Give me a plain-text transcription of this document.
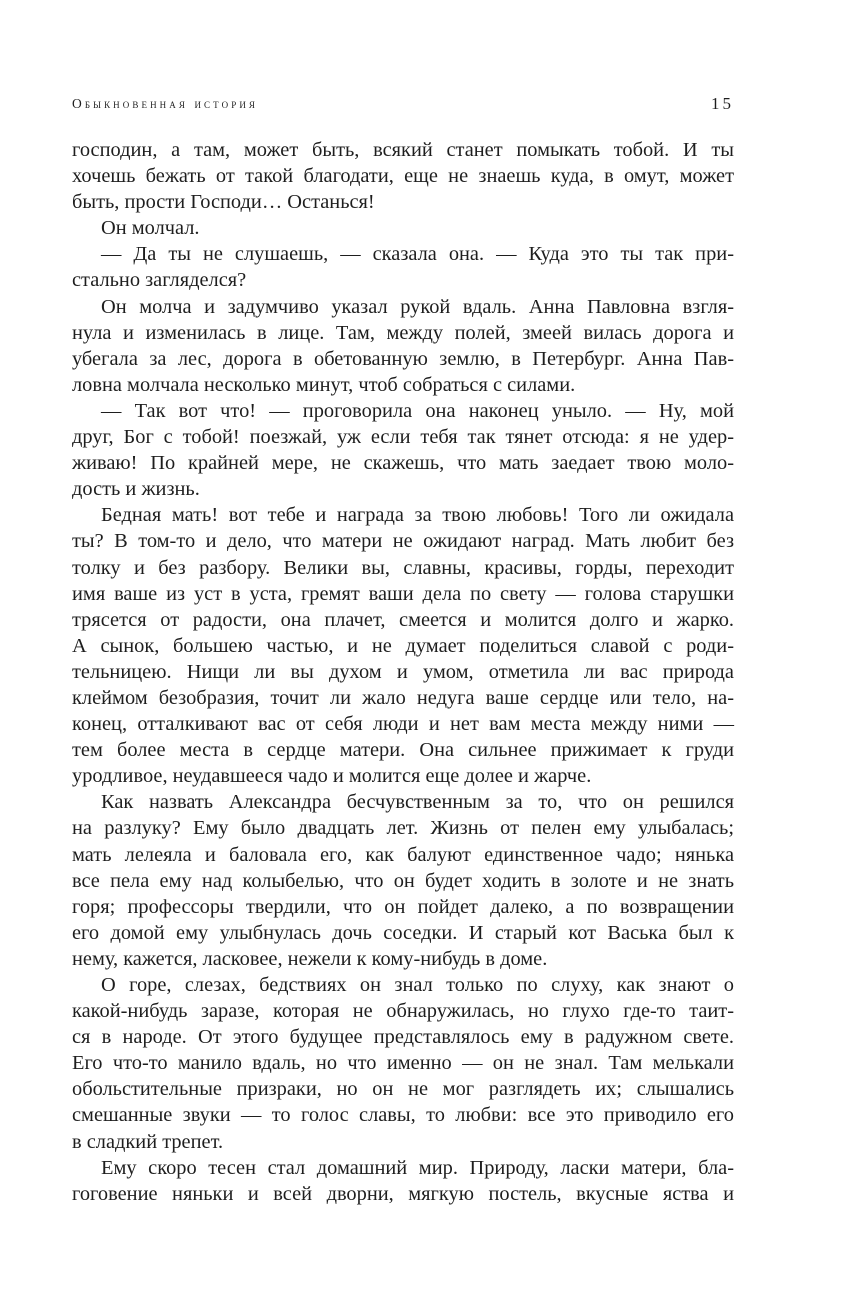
Обыкновенная история	15
господин, а там, может быть, всякий станет помыкать тобой. И ты
хочешь бежать от такой благодати, еще не знаешь куда, в омут, может
быть, прости Господи… Останься!
Он молчал.
— Да ты не слушаешь, — сказала она. — Куда это ты так при-
стально загляделся?
Он молча и задумчиво указал рукой вдаль. Анна Павловна взгля-
нула и изменилась в лице. Там, между полей, змеей вилась дорога и
убегала за лес, дорога в обетованную землю, в Петербург. Анна Пав-
ловна молчала несколько минут, чтоб собраться с силами.
— Так вот что! — проговорила она наконец уныло. — Ну, мой
друг, Бог с тобой! поезжай, уж если тебя так тянет отсюда: я не удер-
живаю! По крайней мере, не скажешь, что мать заедает твою моло-
дость и жизнь.
Бедная мать! вот тебе и награда за твою любовь! Того ли ожидала
ты? В том-то и дело, что матери не ожидают наград. Мать любит без
толку и без разбору. Велики вы, славны, красивы, горды, переходит
имя ваше из уст в уста, гремят ваши дела по свету — голова старушки
трясется от радости, она плачет, смеется и молится долго и жарко.
А сынок, большею частью, и не думает поделиться славой с роди-
тельницею. Нищи ли вы духом и умом, отметила ли вас природа
клеймом безобразия, точит ли жало недуга ваше сердце или тело, на-
конец, отталкивают вас от себя люди и нет вам места между ними —
тем более места в сердце матери. Она сильнее прижимает к груди
уродливое, неудавшееся чадо и молится еще долее и жарче.
Как назвать Александра бесчувственным за то, что он решился
на разлуку? Ему было двадцать лет. Жизнь от пелен ему улыбалась;
мать лелеяла и баловала его, как балуют единственное чадо; нянька
все пела ему над колыбелью, что он будет ходить в золоте и не знать
горя; профессоры твердили, что он пойдет далеко, а по возвращении
его домой ему улыбнулась дочь соседки. И старый кот Васька был к
нему, кажется, ласковее, нежели к кому-нибудь в доме.
О горе, слезах, бедствиях он знал только по слуху, как знают о
какой-нибудь заразе, которая не обнаружилась, но глухо где-то таит-
ся в народе. От этого будущее представлялось ему в радужном свете.
Его что-то манило вдаль, но что именно — он не знал. Там мелькали
обольстительные призраки, но он не мог разглядеть их; слышались
смешанные звуки — то голос славы, то любви: все это приводило его
в сладкий трепет.
Ему скоро тесен стал домашний мир. Природу, ласки матери, бла-
гоговение няньки и всей дворни, мягкую постель, вкусные яства и
